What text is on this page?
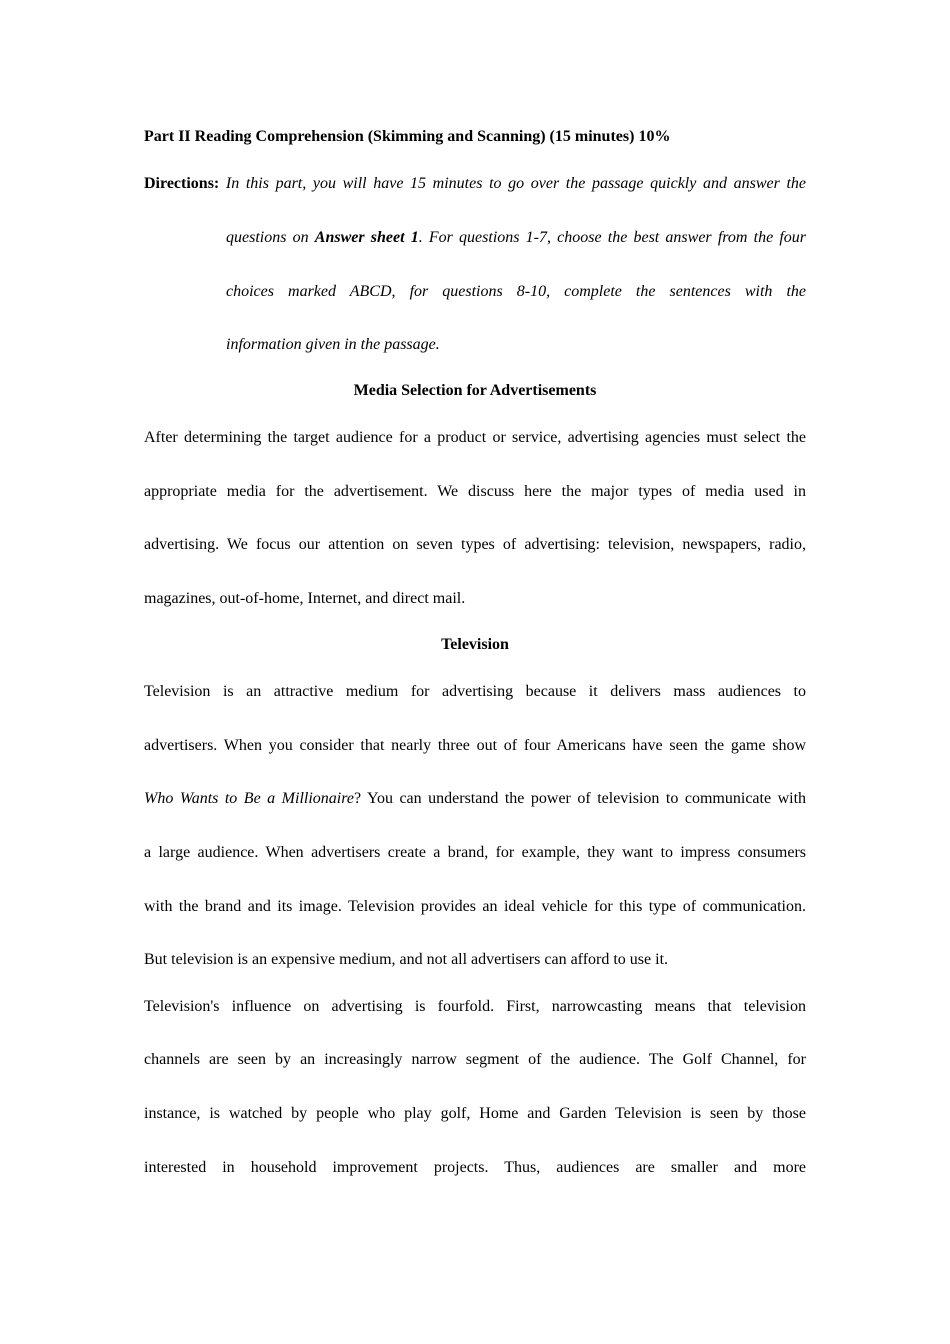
Part II Reading Comprehension (Skimming and Scanning) (15 minutes) 10%
Directions: In this part, you will have 15 minutes to go over the passage quickly and answer the
questions on Answer sheet 1. For questions 1-7, choose the best answer from the four
choices marked ABCD, for questions 8-10, complete the sentences with the
information given in the passage.
Media Selection for Advertisements
After determining the target audience for a product or service, advertising agencies must select the
appropriate media for the advertisement. We discuss here the major types of media used in
advertising. We focus our attention on seven types of advertising: television, newspapers, radio,
magazines, out-of-home, Internet, and direct mail.
Television
Television is an attractive medium for advertising because it delivers mass audiences to
advertisers. When you consider that nearly three out of four Americans have seen the game show
Who Wants to Be a Millionaire? You can understand the power of television to communicate with
a large audience. When advertisers create a brand, for example, they want to impress consumers
with the brand and its image. Television provides an ideal vehicle for this type of communication.
But television is an expensive medium, and not all advertisers can afford to use it.
Television's influence on advertising is fourfold. First, narrowcasting means that television
channels are seen by an increasingly narrow segment of the audience. The Golf Channel, for
instance, is watched by people who play golf, Home and Garden Television is seen by those
interested in household improvement projects. Thus, audiences are smaller and more
